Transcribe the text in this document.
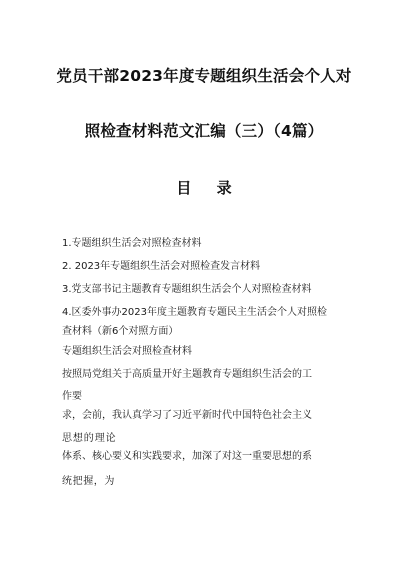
党员干部2023年度专题组织生活会个人对
照检查材料范文汇编（三）（4篇）
目 录
1.专题组织生活会对照检查材料
2. 2023年专题组织生活会对照检查发言材料
3.党支部书记主题教育专题组织生活会个人对照检查材料
4.区委外事办2023年度主题教育专题民主生活会个人对照检
查材料（新6个对照方面）
专题组织生活会对照检查材料
按照局党组关于高质量开好主题教育专题组织生活会的工
作要
求，会前，我认真学习了习近平新时代中国特色社会主义
思想的理论
体系、核心要义和实践要求，加深了对这一重要思想的系
统把握，为
